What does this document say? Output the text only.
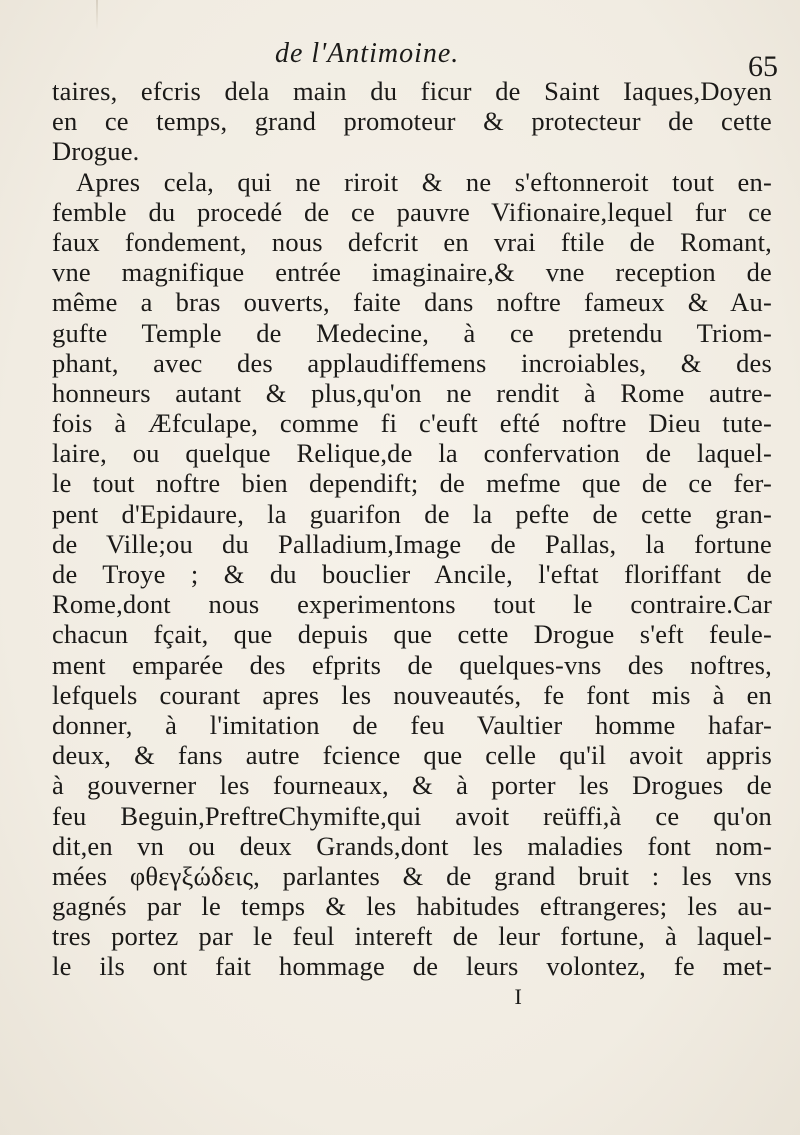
de l'Antimoine.	65
taires, efcris dela main du ficur de Saint Iaques,Doyen
en ce temps, grand promoteur & protecteur de cette
Drogue.
Apres cela, qui ne riroit & ne s'eftonneroit tout en-
femble du procedé de ce pauvre Vifionaire,lequel fur ce
faux fondement, nous defcrit en vrai ftile de Romant,
vne magnifique entrée imaginaire,& vne reception de
même a bras ouverts, faite dans noftre fameux & Au-
gufte Temple de Medecine, à ce pretendu Triom-
phant, avec des applaudiffemens incroiables, & des
honneurs autant & plus,qu'on ne rendit à Rome autre-
fois à Æfculape, comme fi c'euft efté noftre Dieu tute-
laire, ou quelque Relique,de la confervation de laquel-
le tout noftre bien dependift; de mefme que de ce fer-
pent d'Epidaure, la guarifon de la pefte de cette gran-
de Ville;ou du Palladium,Image de Pallas, la fortune
de Troye ; & du bouclier Ancile, l'eftat floriffant de
Rome,dont nous experimentons tout le contraire.Car
chacun fçait, que depuis que cette Drogue s'eft feule-
ment emparée des efprits de quelques-vns des noftres,
lefquels courant apres les nouveautés, fe font mis à en
donner, à l'imitation de feu Vaultier homme hafar-
deux, & fans autre fcience que celle qu'il avoit appris
à gouverner les fourneaux, & à porter les Drogues de
feu Beguin,PreftreChymifte,qui avoit reüffi,à ce qu'on
dit,en vn ou deux Grands,dont les maladies font nom-
mées φθεγξώδεις, parlantes & de grand bruit : les vns
gagnés par le temps & les habitudes eftrangeres; les au-
tres portez par le feul intereft de leur fortune, à laquel-
le ils ont fait hommage de leurs volontez, fe met-
I
